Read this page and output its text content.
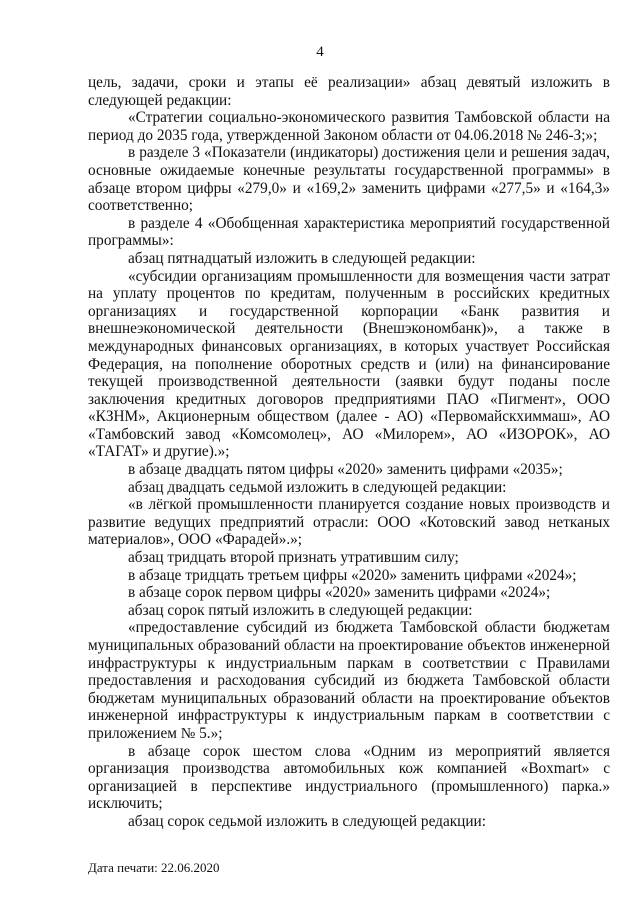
4

цель, задачи, сроки и этапы её реализации» абзац девятый изложить в следующей редакции:

«Стратегии социально-экономического развития Тамбовской области на период до 2035 года, утвержденной Законом области от 04.06.2018 № 246-З;»;

в разделе 3 «Показатели (индикаторы) достижения цели и решения задач, основные ожидаемые конечные результаты государственной программы» в абзаце втором цифры «279,0» и «169,2» заменить цифрами «277,5» и «164,3» соответственно;

в разделе 4 «Обобщенная характеристика мероприятий государственной программы»:

абзац пятнадцатый изложить в следующей редакции:

«субсидии организациям промышленности для возмещения части затрат на уплату процентов по кредитам, полученным в российских кредитных организациях и государственной корпорации «Банк развития и внешнеэкономической деятельности (Внешэкономбанк)», а также в международных финансовых организациях, в которых участвует Российская Федерация, на пополнение оборотных средств и (или) на финансирование текущей производственной деятельности (заявки будут поданы после заключения кредитных договоров предприятиями ПАО «Пигмент», ООО «КЗНМ», Акционерным обществом (далее - АО) «Первомайскхиммаш», АО «Тамбовский завод «Комсомолец», АО «Милорем», АО «ИЗОРОК», АО «ТАГАТ» и другие).»;

в абзаце двадцать пятом цифры «2020» заменить цифрами «2035»;

абзац двадцать седьмой изложить в следующей редакции:

«в лёгкой промышленности планируется создание новых производств и развитие ведущих предприятий отрасли: ООО «Котовский завод нетканых материалов», ООО «Фарадей».»;

абзац тридцать второй признать утратившим силу;

в абзаце тридцать третьем цифры «2020» заменить цифрами «2024»;

в абзаце сорок первом цифры «2020» заменить цифрами «2024»;

абзац сорок пятый изложить в следующей редакции:

«предоставление субсидий из бюджета Тамбовской области бюджетам муниципальных образований области на проектирование объектов инженерной инфраструктуры к индустриальным паркам в соответствии с Правилами предоставления и расходования субсидий из бюджета Тамбовской области бюджетам муниципальных образований области на проектирование объектов инженерной инфраструктуры к индустриальным паркам в соответствии с приложением № 5.»;

в абзаце сорок шестом слова «Одним из мероприятий является организация производства автомобильных кож компанией «Boxmart» с организацией в перспективе индустриального (промышленного) парка.» исключить;

абзац сорок седьмой изложить в следующей редакции:

Дата печати: 22.06.2020
